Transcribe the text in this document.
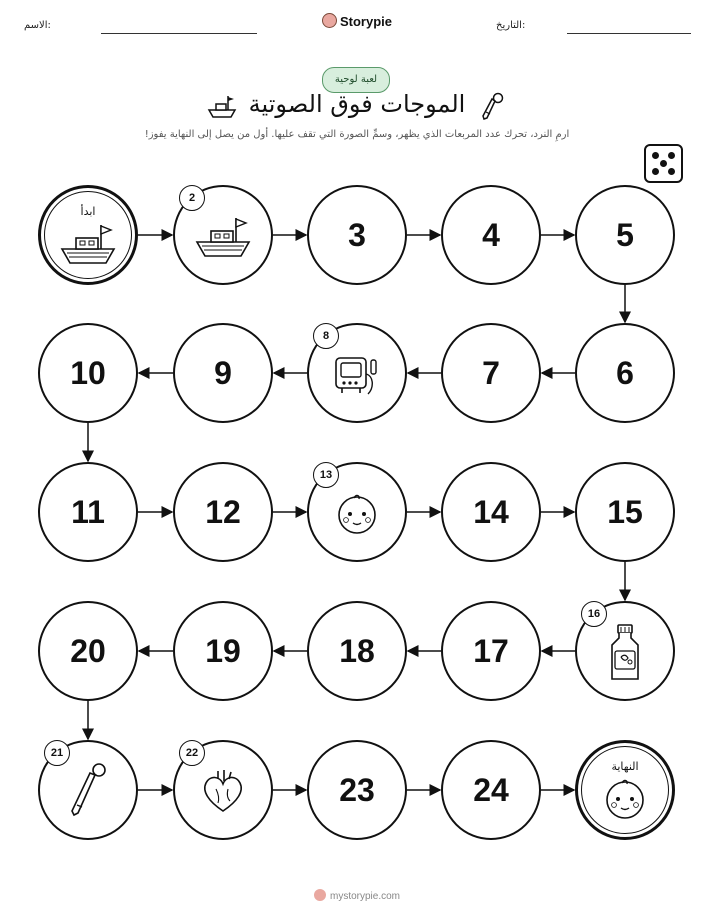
الاسم:	Storypie	التاريخ:
لعبة لوحية
الموجات فوق الصوتية
ارمِ النرد، تحرك عدد المربعات الذي يظهر، وسمِّ الصورة التي تقف عليها. أول من يصل إلى النهاية يفوز!
ابدأ
2
3	4	5
6
7
8
9
10
11	12
13
14	15
16
17
18
19
20
21	22
23	24
النهاية
mystorypie.com
